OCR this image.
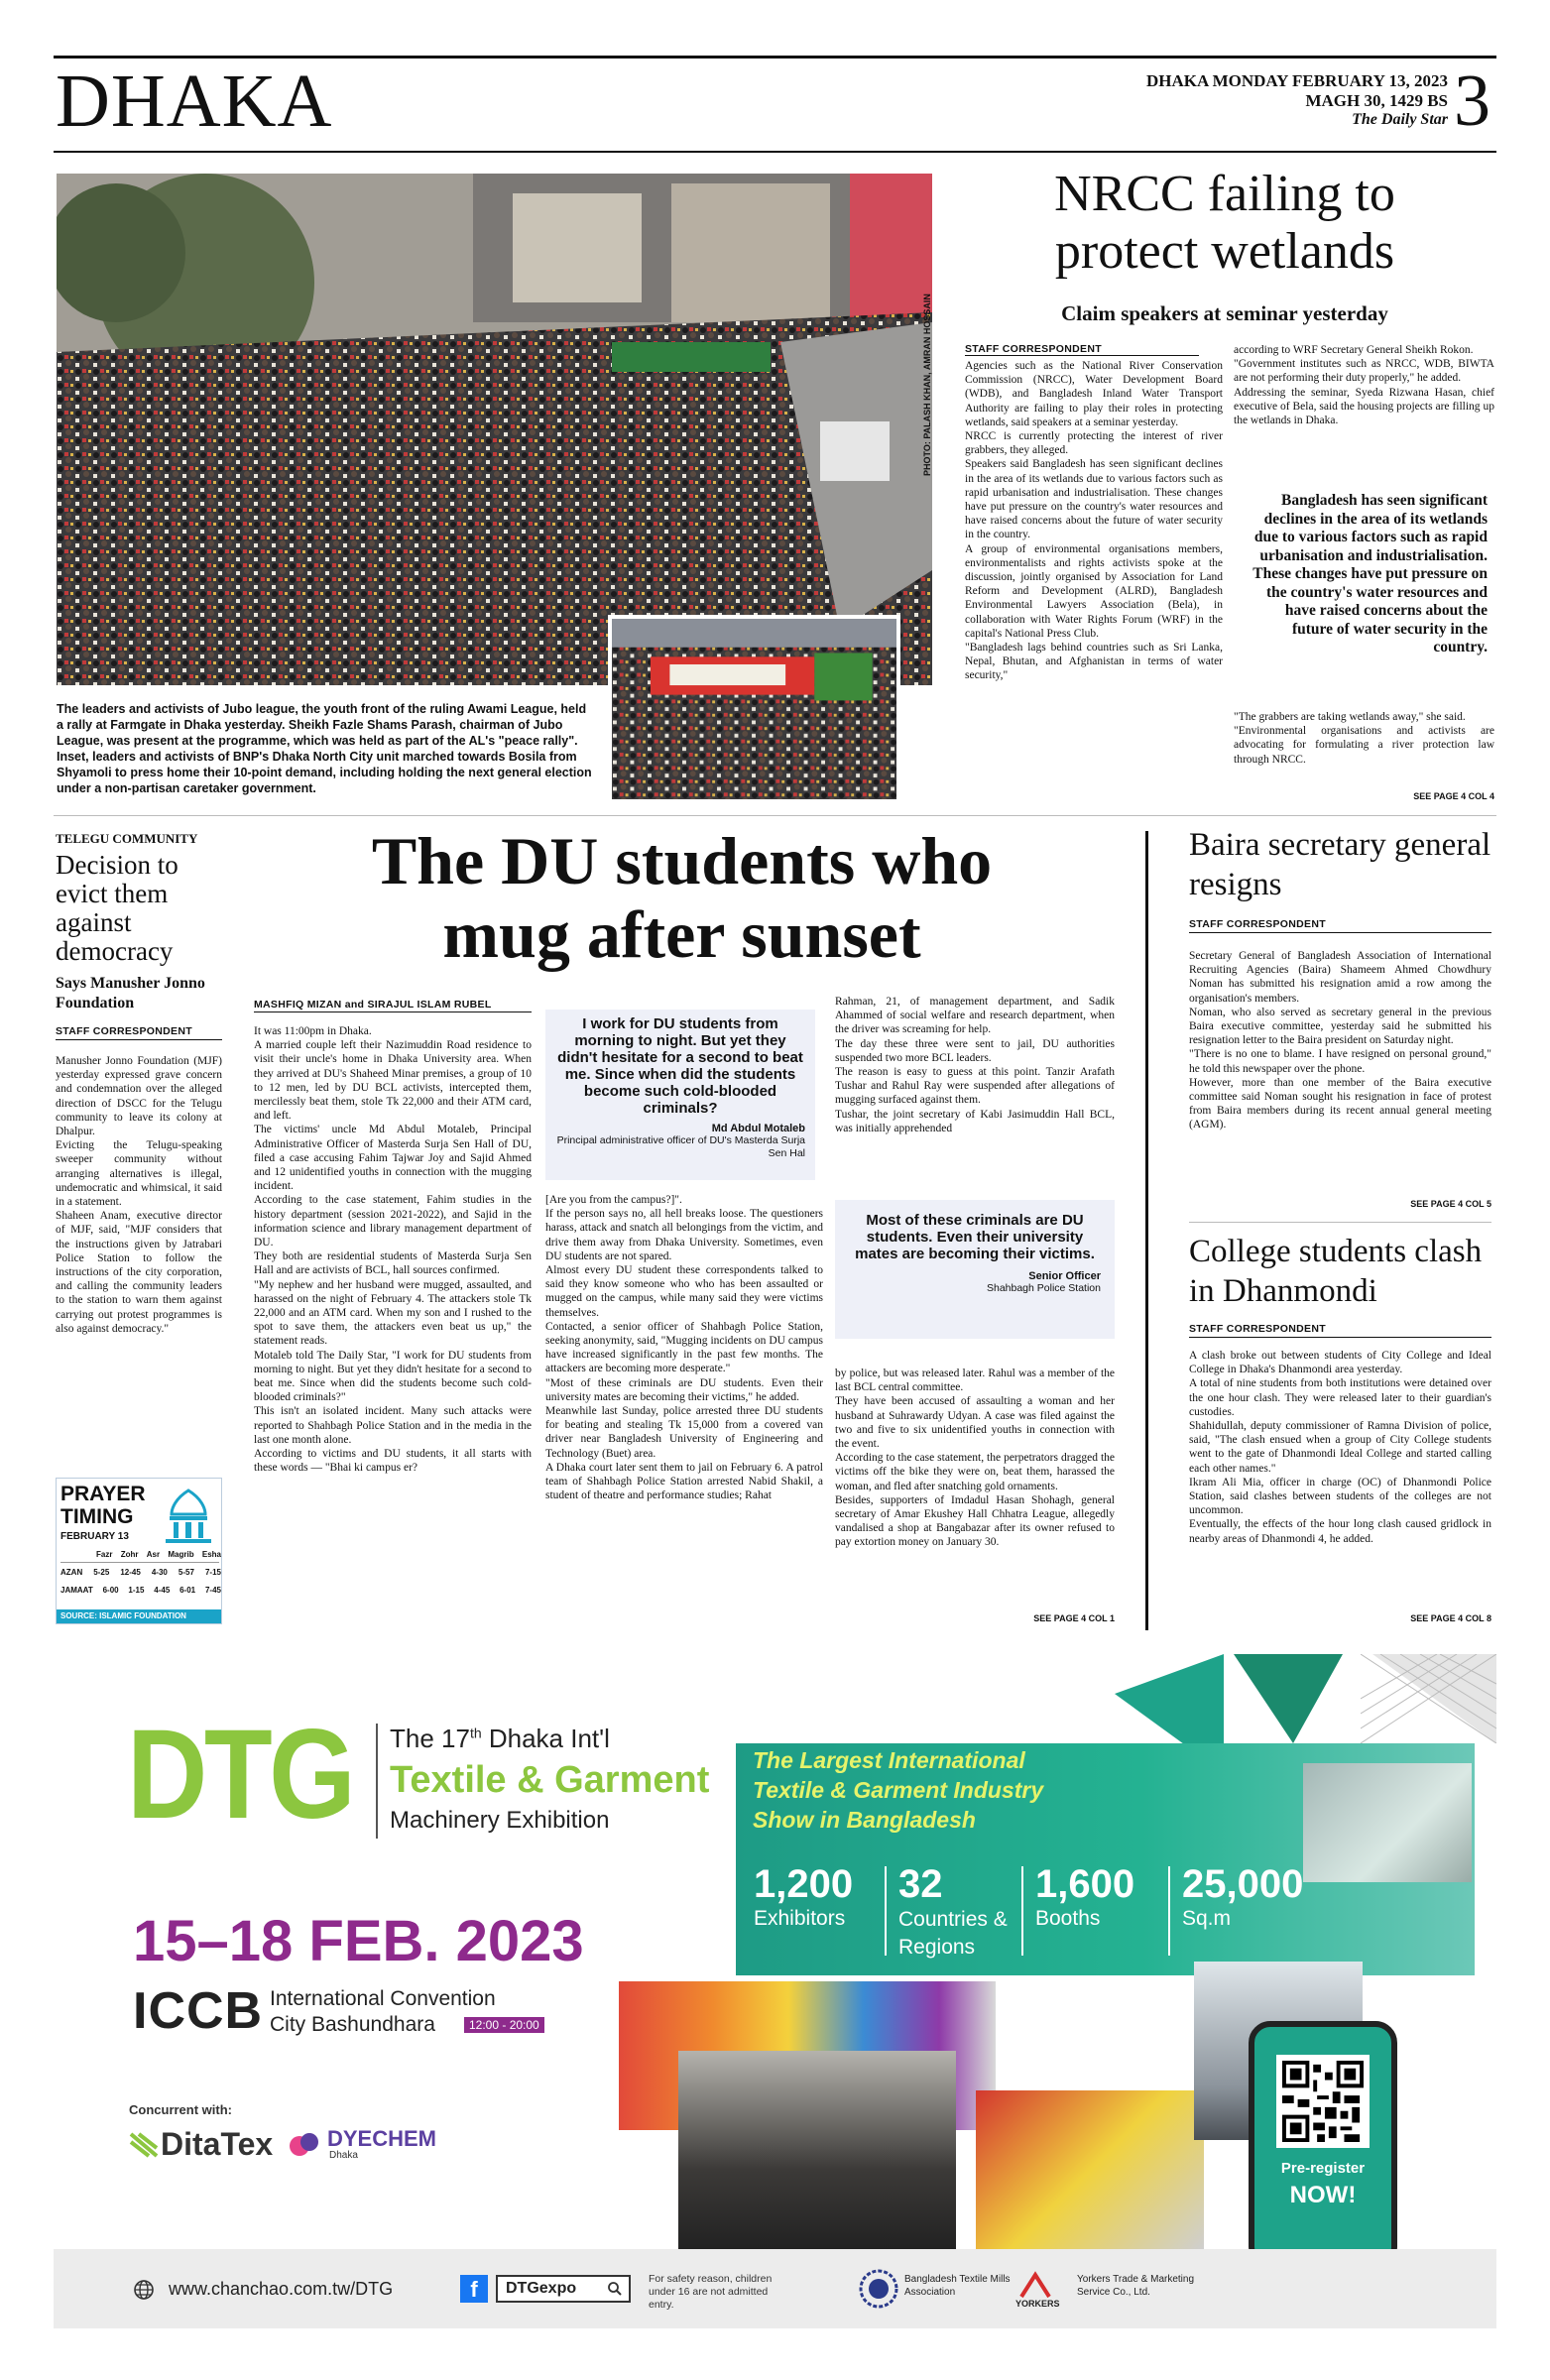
DHAKA	DHAKA MONDAY FEBRUARY 13, 2023
MAGH 30, 1429 BS
The Daily Star 3
PHOTO: PALASH KHAN, AMRAN HOSSAIN
The leaders and activists of Jubo league, the youth front of the ruling Awami League, held a rally at Farmgate in Dhaka yesterday. Sheikh Fazle Shams Parash, chairman of Jubo League, was present at the programme, which was held as part of the AL's "peace rally". Inset, leaders and activists of BNP's Dhaka North City unit marched towards Bosila from Shyamoli to press home their 10-point demand, including holding the next general election under a non-partisan caretaker government.
NRCC failing to
protect wetlands
Claim speakers at seminar yesterday
STAFF CORRESPONDENT
Agencies such as the National River Conservation Commission (NRCC), Water Development Board (WDB), and Bangladesh Inland Water Transport Authority are failing to play their roles in protecting wetlands, said speakers at a seminar yesterday.
NRCC is currently protecting the interest of river grabbers, they alleged.
Speakers said Bangladesh has seen significant declines in the area of its wetlands due to various factors such as rapid urbanisation and industrialisation. These changes have put pressure on the country's water resources and have raised concerns about the future of water security in the country.
A group of environmental organisations members, environmentalists and rights activists spoke at the discussion, jointly organised by Association for Land Reform and Development (ALRD), Bangladesh Environmental Lawyers Association (Bela), in collaboration with Water Rights Forum (WRF) in the capital's National Press Club.
"Bangladesh lags behind countries such as Sri Lanka, Nepal, Bhutan, and Afghanistan in terms of water security,"
according to WRF Secretary General Sheikh Rokon.
"Government institutes such as NRCC, WDB, BIWTA are not performing their duty properly," he added.
Addressing the seminar, Syeda Rizwana Hasan, chief executive of Bela, said the housing projects are filling up the wetlands in Dhaka.
Bangladesh has seen significant declines in the area of its wetlands due to various factors such as rapid urbanisation and industrialisation. These changes have put pressure on the country's water resources and have raised concerns about the future of water security in the country.
"The grabbers are taking wetlands away," she said.
"Environmental organisations and activists are advocating for formulating a river protection law through NRCC.
SEE PAGE 4 COL 4
TELEGU COMMUNITY
Decision to evict them against democracy
Says Manusher Jonno Foundation
STAFF CORRESPONDENT
Manusher Jonno Foundation (MJF) yesterday expressed grave concern and condemnation over the alleged direction of DSCC for the Telugu community to leave its colony at Dhalpur.
Evicting the Telugu-speaking sweeper community without arranging alternatives is illegal, undemocratic and whimsical, it said in a statement.
Shaheen Anam, executive director of MJF, said, "MJF considers that the instructions given by Jatrabari Police Station to follow the instructions of the city corporation, and calling the community leaders to the station to warn them against carrying out protest programmes is also against democracy."
PRAYER
TIMING
FEBRUARY 13
Fazr Zohr Asr Magrib Esha
AZAN 5-25 12-45 4-30 5-57 7-15
JAMAAT 6-00 1-15 4-45 6-01 7-45
SOURCE: ISLAMIC FOUNDATION
The DU students who
mug after sunset
MASHFIQ MIZAN and SIRAJUL ISLAM RUBEL
It was 11:00pm in Dhaka.
A married couple left their Nazimuddin Road residence to visit their uncle's home in Dhaka University area. When they arrived at DU's Shaheed Minar premises, a group of 10 to 12 men, led by DU BCL activists, intercepted them, mercilessly beat them, stole Tk 22,000 and their ATM card, and left.
The victims' uncle Md Abdul Motaleb, Principal Administrative Officer of Masterda Surja Sen Hall of DU, filed a case accusing Fahim Tajwar Joy and Sajid Ahmed and 12 unidentified youths in connection with the mugging incident.
According to the case statement, Fahim studies in the history department (session 2021-2022), and Sajid in the information science and library management department of DU.
They both are residential students of Masterda Surja Sen Hall and are activists of BCL, hall sources confirmed.
"My nephew and her husband were mugged, assaulted, and harassed on the night of February 4. The attackers stole Tk 22,000 and an ATM card. When my son and I rushed to the spot to save them, the attackers even beat us up," the statement reads.
Motaleb told The Daily Star, "I work for DU students from morning to night. But yet they didn't hesitate for a second to beat me. Since when did the students become such cold-blooded criminals?"
This isn't an isolated incident. Many such attacks were reported to Shahbagh Police Station and in the media in the last one month alone.
According to victims and DU students, it all starts with these words — "Bhai ki campus er?
I work for DU students from morning to night. But yet they didn't hesitate for a second to beat me. Since when did the students become such cold-blooded criminals?
Md Abdul Motaleb
Principal administrative officer of DU's Masterda Surja Sen Hal
[Are you from the campus?]".
If the person says no, all hell breaks loose. The questioners harass, attack and snatch all belongings from the victim, and drive them away from Dhaka University. Sometimes, even DU students are not spared.
Almost every DU student these correspondents talked to said they know someone who who has been assaulted or mugged on the campus, while many said they were victims themselves.
Contacted, a senior officer of Shahbagh Police Station, seeking anonymity, said, "Mugging incidents on DU campus have increased significantly in the past few months. The attackers are becoming more desperate."
"Most of these criminals are DU students. Even their university mates are becoming their victims," he added.
Meanwhile last Sunday, police arrested three DU students for beating and stealing Tk 15,000 from a covered van driver near Bangladesh University of Engineering and Technology (Buet) area.
A Dhaka court later sent them to jail on February 6. A patrol team of Shahbagh Police Station arrested Nabid Shakil, a student of theatre and performance studies; Rahat
Rahman, 21, of management department, and Sadik Ahammed of social welfare and research department, when the driver was screaming for help.
The day these three were sent to jail, DU authorities suspended two more BCL leaders.
The reason is easy to guess at this point. Tanzir Arafath Tushar and Rahul Ray were suspended after allegations of mugging surfaced against them.
Tushar, the joint secretary of Kabi Jasimuddin Hall BCL, was initially apprehended
Most of these criminals are DU students. Even their university mates are becoming their victims.
Senior Officer
Shahbagh Police Station
by police, but was released later. Rahul was a member of the last BCL central committee.
They have been accused of assaulting a woman and her husband at Suhrawardy Udyan. A case was filed against the two and five to six unidentified youths in connection with the event.
According to the case statement, the perpetrators dragged the victims off the bike they were on, beat them, harassed the woman, and fled after snatching gold ornaments.
Besides, supporters of Imdadul Hasan Shohagh, general secretary of Amar Ekushey Hall Chhatra League, allegedly vandalised a shop at Bangabazar after its owner refused to pay extortion money on January 30.
SEE PAGE 4 COL 1
Baira secretary general resigns
STAFF CORRESPONDENT
Secretary General of Bangladesh Association of International Recruiting Agencies (Baira) Shameem Ahmed Chowdhury Noman has submitted his resignation amid a row among the organisation's members.
Noman, who also served as secretary general in the previous Baira executive committee, yesterday said he submitted his resignation letter to the Baira president on Saturday night.
"There is no one to blame. I have resigned on personal ground," he told this newspaper over the phone.
However, more than one member of the Baira executive committee said Noman sought his resignation in face of protest from Baira members during its recent annual general meeting (AGM).
SEE PAGE 4 COL 5
College students clash in Dhanmondi
STAFF CORRESPONDENT
A clash broke out between students of City College and Ideal College in Dhaka's Dhanmondi area yesterday.
A total of nine students from both institutions were detained over the one hour clash. They were released later to their guardian's custodies.
Shahidullah, deputy commissioner of Ramna Division of police, said, "The clash ensued when a group of City College students went to the gate of Dhanmondi Ideal College and started calling each other names."
Ikram Ali Mia, officer in charge (OC) of Dhanmondi Police Station, said clashes between students of the colleges are not uncommon.
Eventually, the effects of the hour long clash caused gridlock in nearby areas of Dhanmondi 4, he added.
SEE PAGE 4 COL 8
DTG The 17th Dhaka Int'l
Textile & Garment
Machinery Exhibition
15–18 FEB. 2023
ICCB International Convention
City Bashundhara	12:00 - 20:00
Concurrent with:
DitaTex DYECHEM
Dhaka
The Largest International
Textile & Garment Industry
Show in Bangladesh
1,200
Exhibitors
32
Countries & Regions
1,600
Booths
25,000
Sq.m
Pre-register
NOW!
www.chanchao.com.tw/DTG	f	DTGexpo
For safety reason, children under 16 are not admitted entry.
Bangladesh Textile Mills Association
YORKERS
Yorkers Trade & Marketing Service Co., Ltd.
